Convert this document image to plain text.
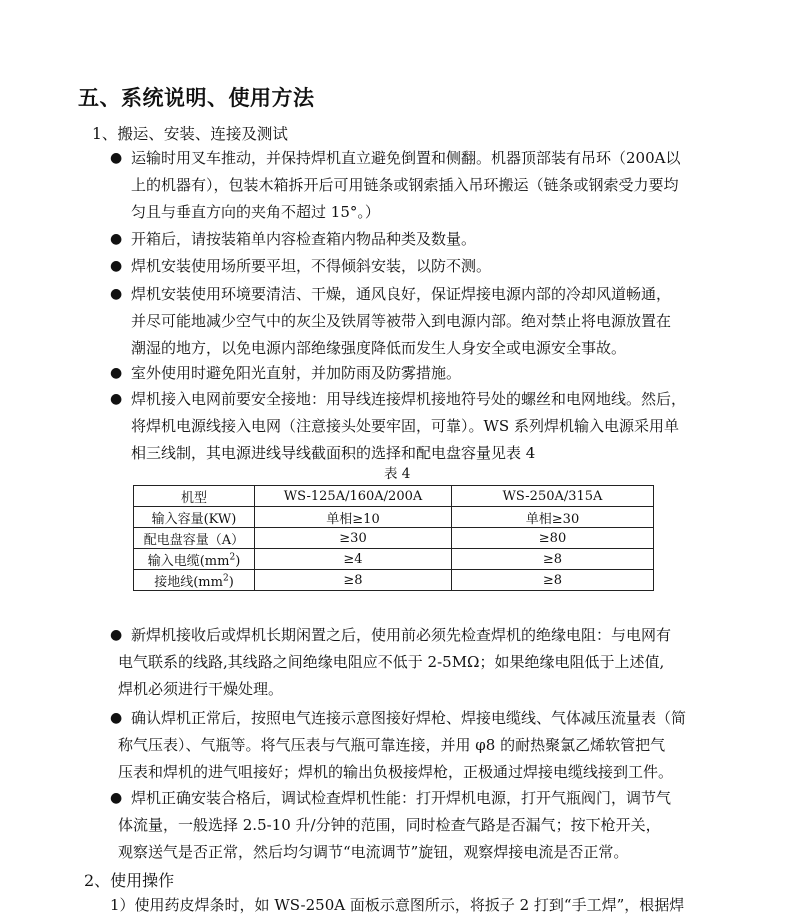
五、系统说明、使用方法
1、搬运、安装、连接及测试
● 运输时用叉车推动，并保持焊机直立避免倒置和侧翻。机器顶部装有吊环（200A以
上的机器有），包装木箱拆开后可用链条或钢索插入吊环搬运（链条或钢索受力要均
匀且与垂直方向的夹角不超过 15°。）
● 开箱后，请按装箱单内容检查箱内物品种类及数量。
● 焊机安装使用场所要平坦，不得倾斜安装，以防不测。
● 焊机安装使用环境要清洁、干燥，通风良好，保证焊接电源内部的冷却风道畅通，
并尽可能地减少空气中的灰尘及铁屑等被带入到电源内部。绝对禁止将电源放置在
潮湿的地方，以免电源内部绝缘强度降低而发生人身安全或电源安全事故。
● 室外使用时避免阳光直射，并加防雨及防雾措施。
● 焊机接入电网前要安全接地：用导线连接焊机接地符号处的螺丝和电网地线。然后，
将焊机电源线接入电网（注意接头处要牢固，可靠）。WS 系列焊机输入电源采用单
相三线制，其电源进线导线截面积的选择和配电盘容量见表 4
表 4
机型	WS-125A/160A/200A	WS-250A/315A
输入容量(KW)	单相≥10	单相≥30
配电盘容量（A）	≥30	≥80
输入电缆$(mm^2)$	≥4	≥8
接地线$(mm^2)$	≥8	≥8
● 新焊机接收后或焊机长期闲置之后，使用前必须先检查焊机的绝缘电阻：与电网有
电气联系的线路,其线路之间绝缘电阻应不低于 2-5MΩ；如果绝缘电阻低于上述值,
焊机必须进行干燥处理。
● 确认焊机正常后，按照电气连接示意图接好焊枪、焊接电缆线、气体减压流量表（简
称气压表）、气瓶等。将气压表与气瓶可靠连接，并用 φ8 的耐热聚氯乙烯软管把气
压表和焊机的进气咀接好；焊机的输出负极接焊枪，正极通过焊接电缆线接到工件。
● 焊机正确安装合格后，调试检查焊机性能：打开焊机电源，打开气瓶阀门，调节气
体流量，一般选择 2.5-10 升/分钟的范围，同时检查气路是否漏气；按下枪开关，
观察送气是否正常，然后均匀调节“电流调节”旋钮，观察焊接电流是否正常。
2、使用操作
1）使用药皮焊条时，如 WS-250A 面板示意图所示，将扳子 2 打到“手工焊”，根据焊
